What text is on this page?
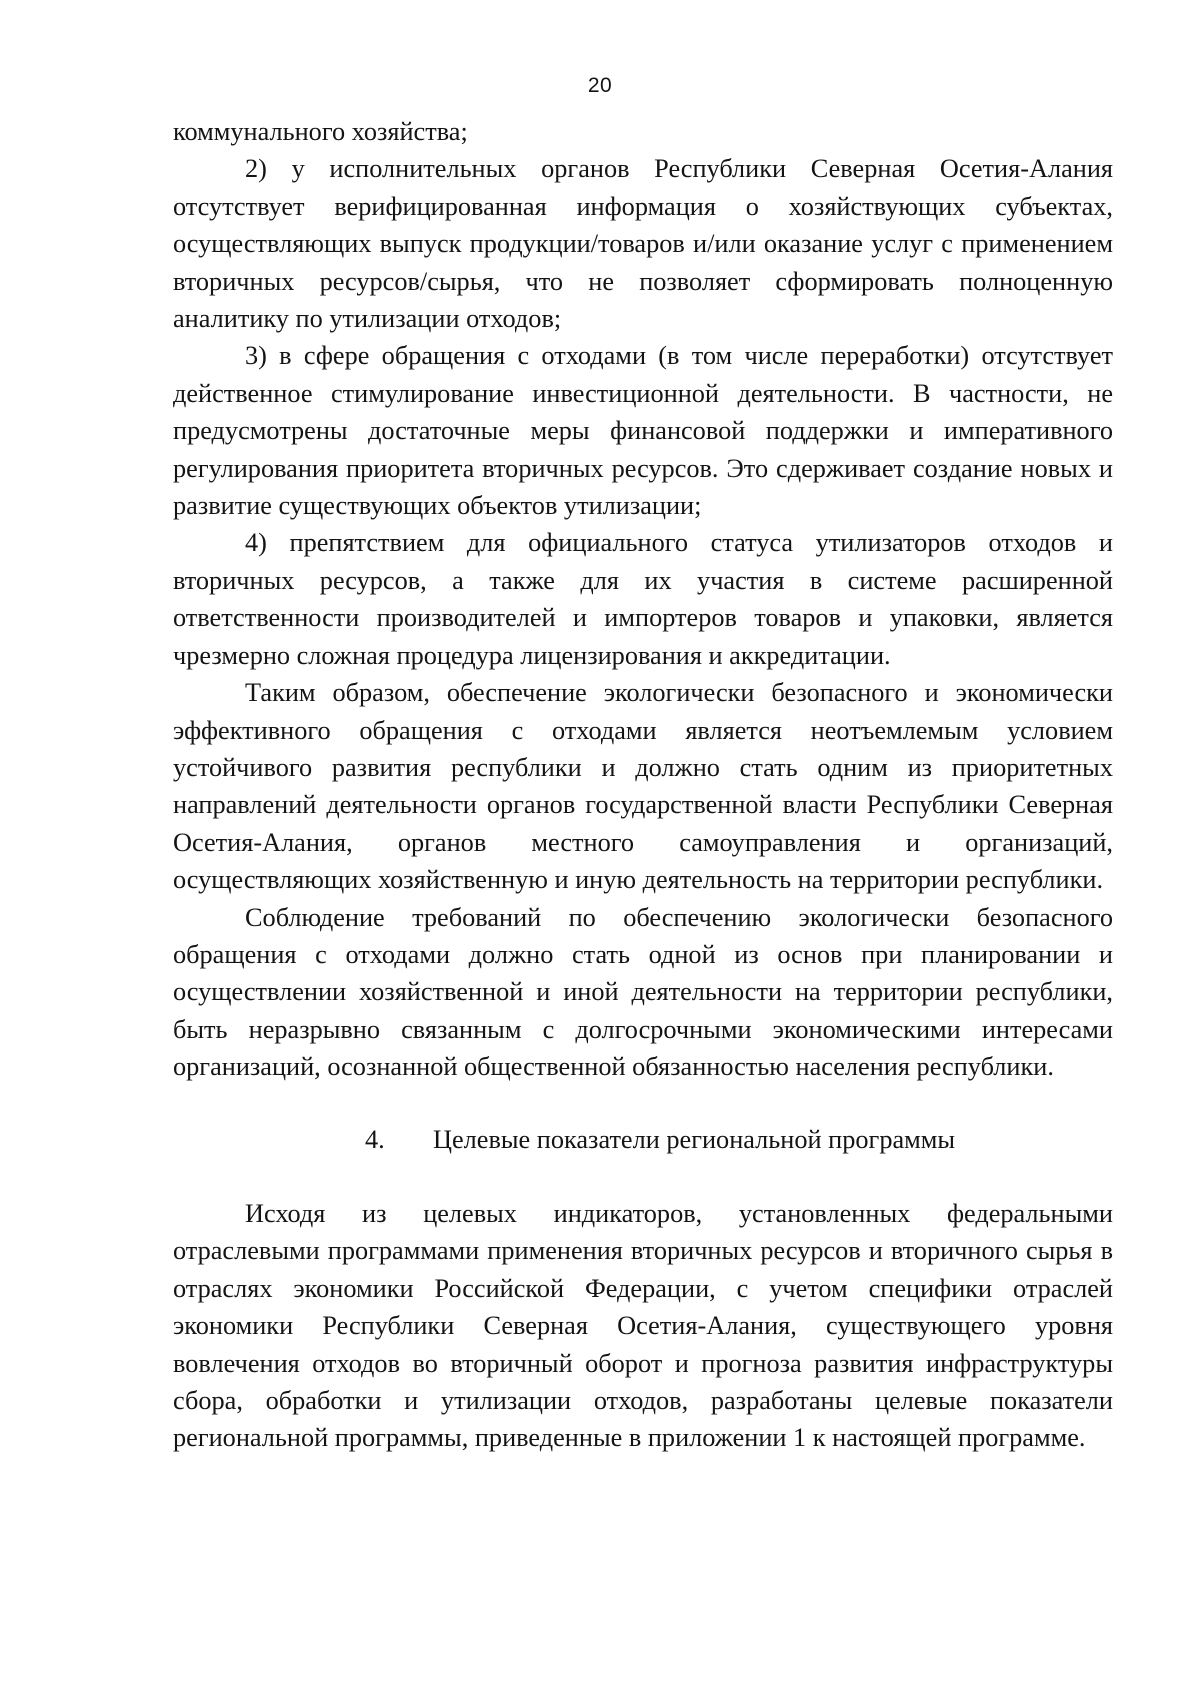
20

коммунального хозяйства;

2) у исполнительных органов Республики Северная Осетия-Алания отсутствует верифицированная информация о хозяйствующих субъектах, осуществляющих выпуск продукции/товаров и/или оказание услуг с применением вторичных ресурсов/сырья, что не позволяет сформировать полноценную аналитику по утилизации отходов;

3) в сфере обращения с отходами (в том числе переработки) отсутствует действенное стимулирование инвестиционной деятельности. В частности, не предусмотрены достаточные меры финансовой поддержки и императивного регулирования приоритета вторичных ресурсов. Это сдерживает создание новых и развитие существующих объектов утилизации;

4) препятствием для официального статуса утилизаторов отходов и вторичных ресурсов, а также для их участия в системе расширенной ответственности производителей и импортеров товаров и упаковки, является чрезмерно сложная процедура лицензирования и аккредитации.

Таким образом, обеспечение экологически безопасного и экономически эффективного обращения с отходами является неотъемлемым условием устойчивого развития республики и должно стать одним из приоритетных направлений деятельности органов государственной власти Республики Северная Осетия-Алания, органов местного самоуправления и организаций, осуществляющих хозяйственную и иную деятельность на территории республики.

Соблюдение требований по обеспечению экологически безопасного обращения с отходами должно стать одной из основ при планировании и осуществлении хозяйственной и иной деятельности на территории республики, быть неразрывно связанным с долгосрочными экономическими интересами организаций, осознанной общественной обязанностью населения республики.

4. Целевые показатели региональной программы

Исходя из целевых индикаторов, установленных федеральными отраслевыми программами применения вторичных ресурсов и вторичного сырья в отраслях экономики Российской Федерации, с учетом специфики отраслей экономики Республики Северная Осетия-Алания, существующего уровня вовлечения отходов во вторичный оборот и прогноза развития инфраструктуры сбора, обработки и утилизации отходов, разработаны целевые показатели региональной программы, приведенные в приложении 1 к настоящей программе.
